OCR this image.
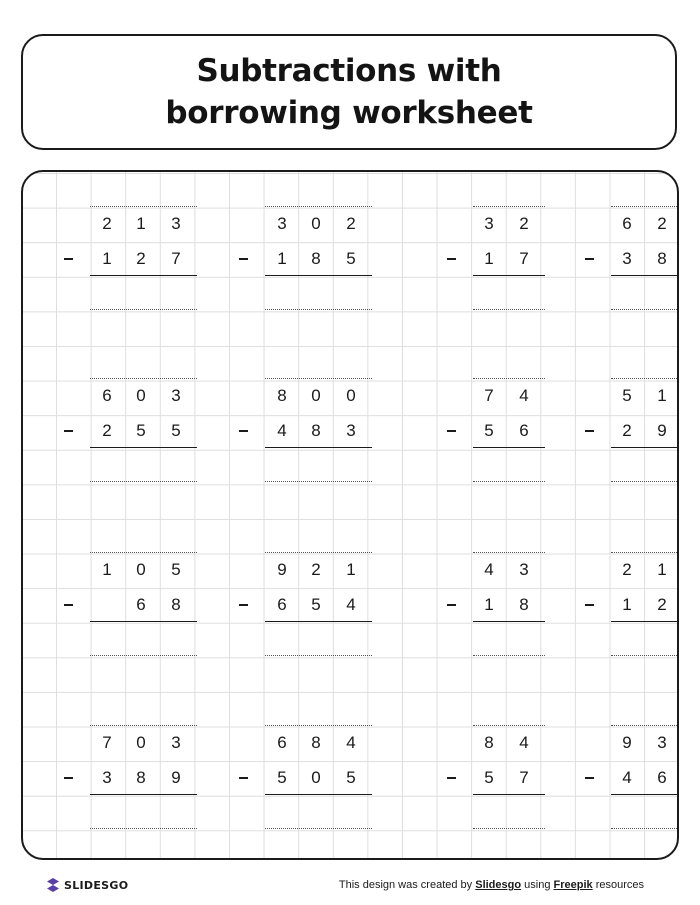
Subtractions with
borrowing worksheet
2	1	3
1	2	7
3	0	2
1	8	5
3	2
1	7
6	2
3	8
6	0	3
2	5	5
8	0	0
4	8	3
7	4
5	6
5	1
2	9
1	0	5
6	8
9	2	1
6	5	4
4	3
1	8
2	1
1	2
7	0	3
3	8	9
6	8	4
5	0	5
8	4
5	7
9	3
4	6
SLIDESGO	This design was created by Slidesgo using Freepik resources
